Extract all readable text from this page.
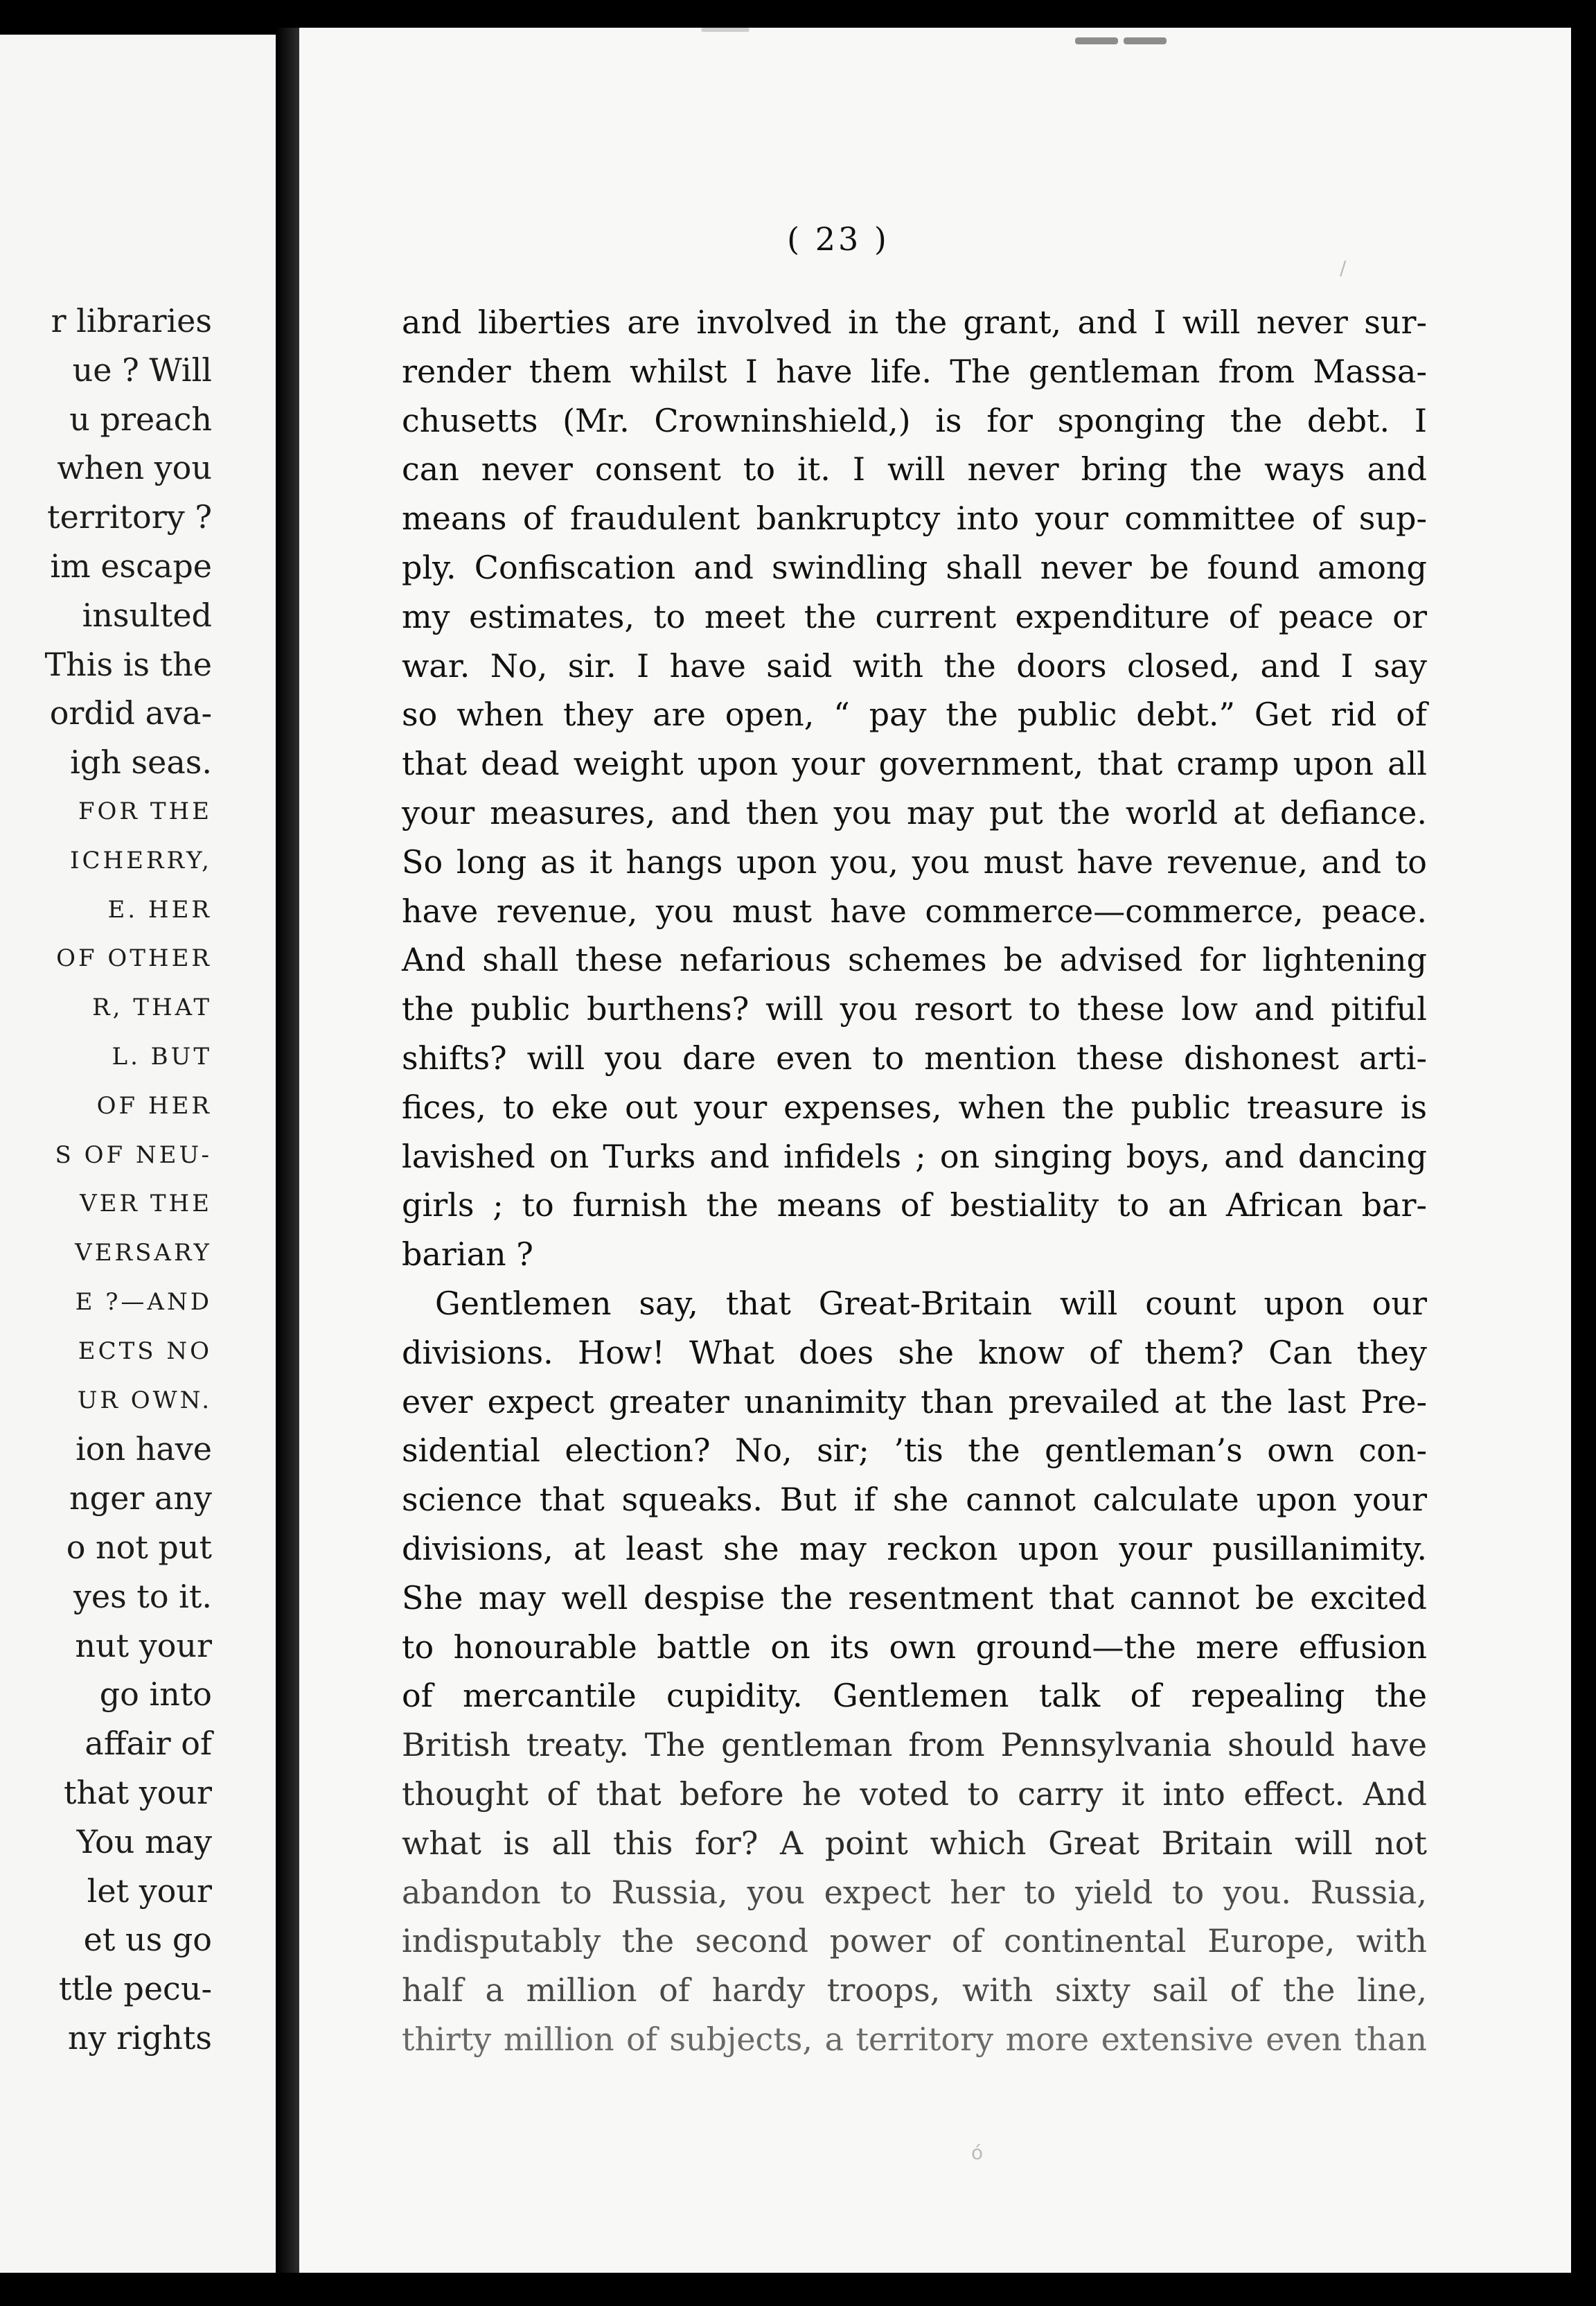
r libraries
ue ? Will
u preach
when you
territory ?
im escape
insulted
This is the
ordid ava-
igh seas.
FOR THE
ICHERRY,
E. HER
OF OTHER
R, THAT
L. BUT
OF HER
S OF NEU-
VER THE
VERSARY
E ?—AND
ECTS NO
UR OWN.
ion have
nger any
o not put
yes to it.
nut your
go into
affair of
that your
You may
let your
et us go
ttle pecu-
ny rights
( 23 )
/
ó
and liberties are involved in the grant, and I will never sur-
render them whilst I have life. The gentleman from Massa-
chusetts (Mr. Crowninshield,) is for sponging the debt. I
can never consent to it. I will never bring the ways and
means of fraudulent bankruptcy into your committee of sup-
ply. Confiscation and swindling shall never be found among
my estimates, to meet the current expenditure of peace or
war. No, sir. I have said with the doors closed, and I say
so when they are open, “ pay the public debt.” Get rid of
that dead weight upon your government, that cramp upon all
your measures, and then you may put the world at defiance.
So long as it hangs upon you, you must have revenue, and to
have revenue, you must have commerce—commerce, peace.
And shall these nefarious schemes be advised for lightening
the public burthens? will you resort to these low and pitiful
shifts? will you dare even to mention these dishonest arti-
fices, to eke out your expenses, when the public treasure is
lavished on Turks and infidels ; on singing boys, and dancing
girls ; to furnish the means of bestiality to an African bar-
barian ?
Gentlemen say, that Great-Britain will count upon our
divisions. How! What does she know of them? Can they
ever expect greater unanimity than prevailed at the last Pre-
sidential election? No, sir; ’tis the gentleman’s own con-
science that squeaks. But if she cannot calculate upon your
divisions, at least she may reckon upon your pusillanimity.
She may well despise the resentment that cannot be excited
to honourable battle on its own ground—the mere effusion
of mercantile cupidity. Gentlemen talk of repealing the
British treaty. The gentleman from Pennsylvania should have
thought of that before he voted to carry it into effect. And
what is all this for? A point which Great Britain will not
abandon to Russia, you expect her to yield to you. Russia,
indisputably the second power of continental Europe, with
half a million of hardy troops, with sixty sail of the line,
thirty million of subjects, a territory more extensive even than
